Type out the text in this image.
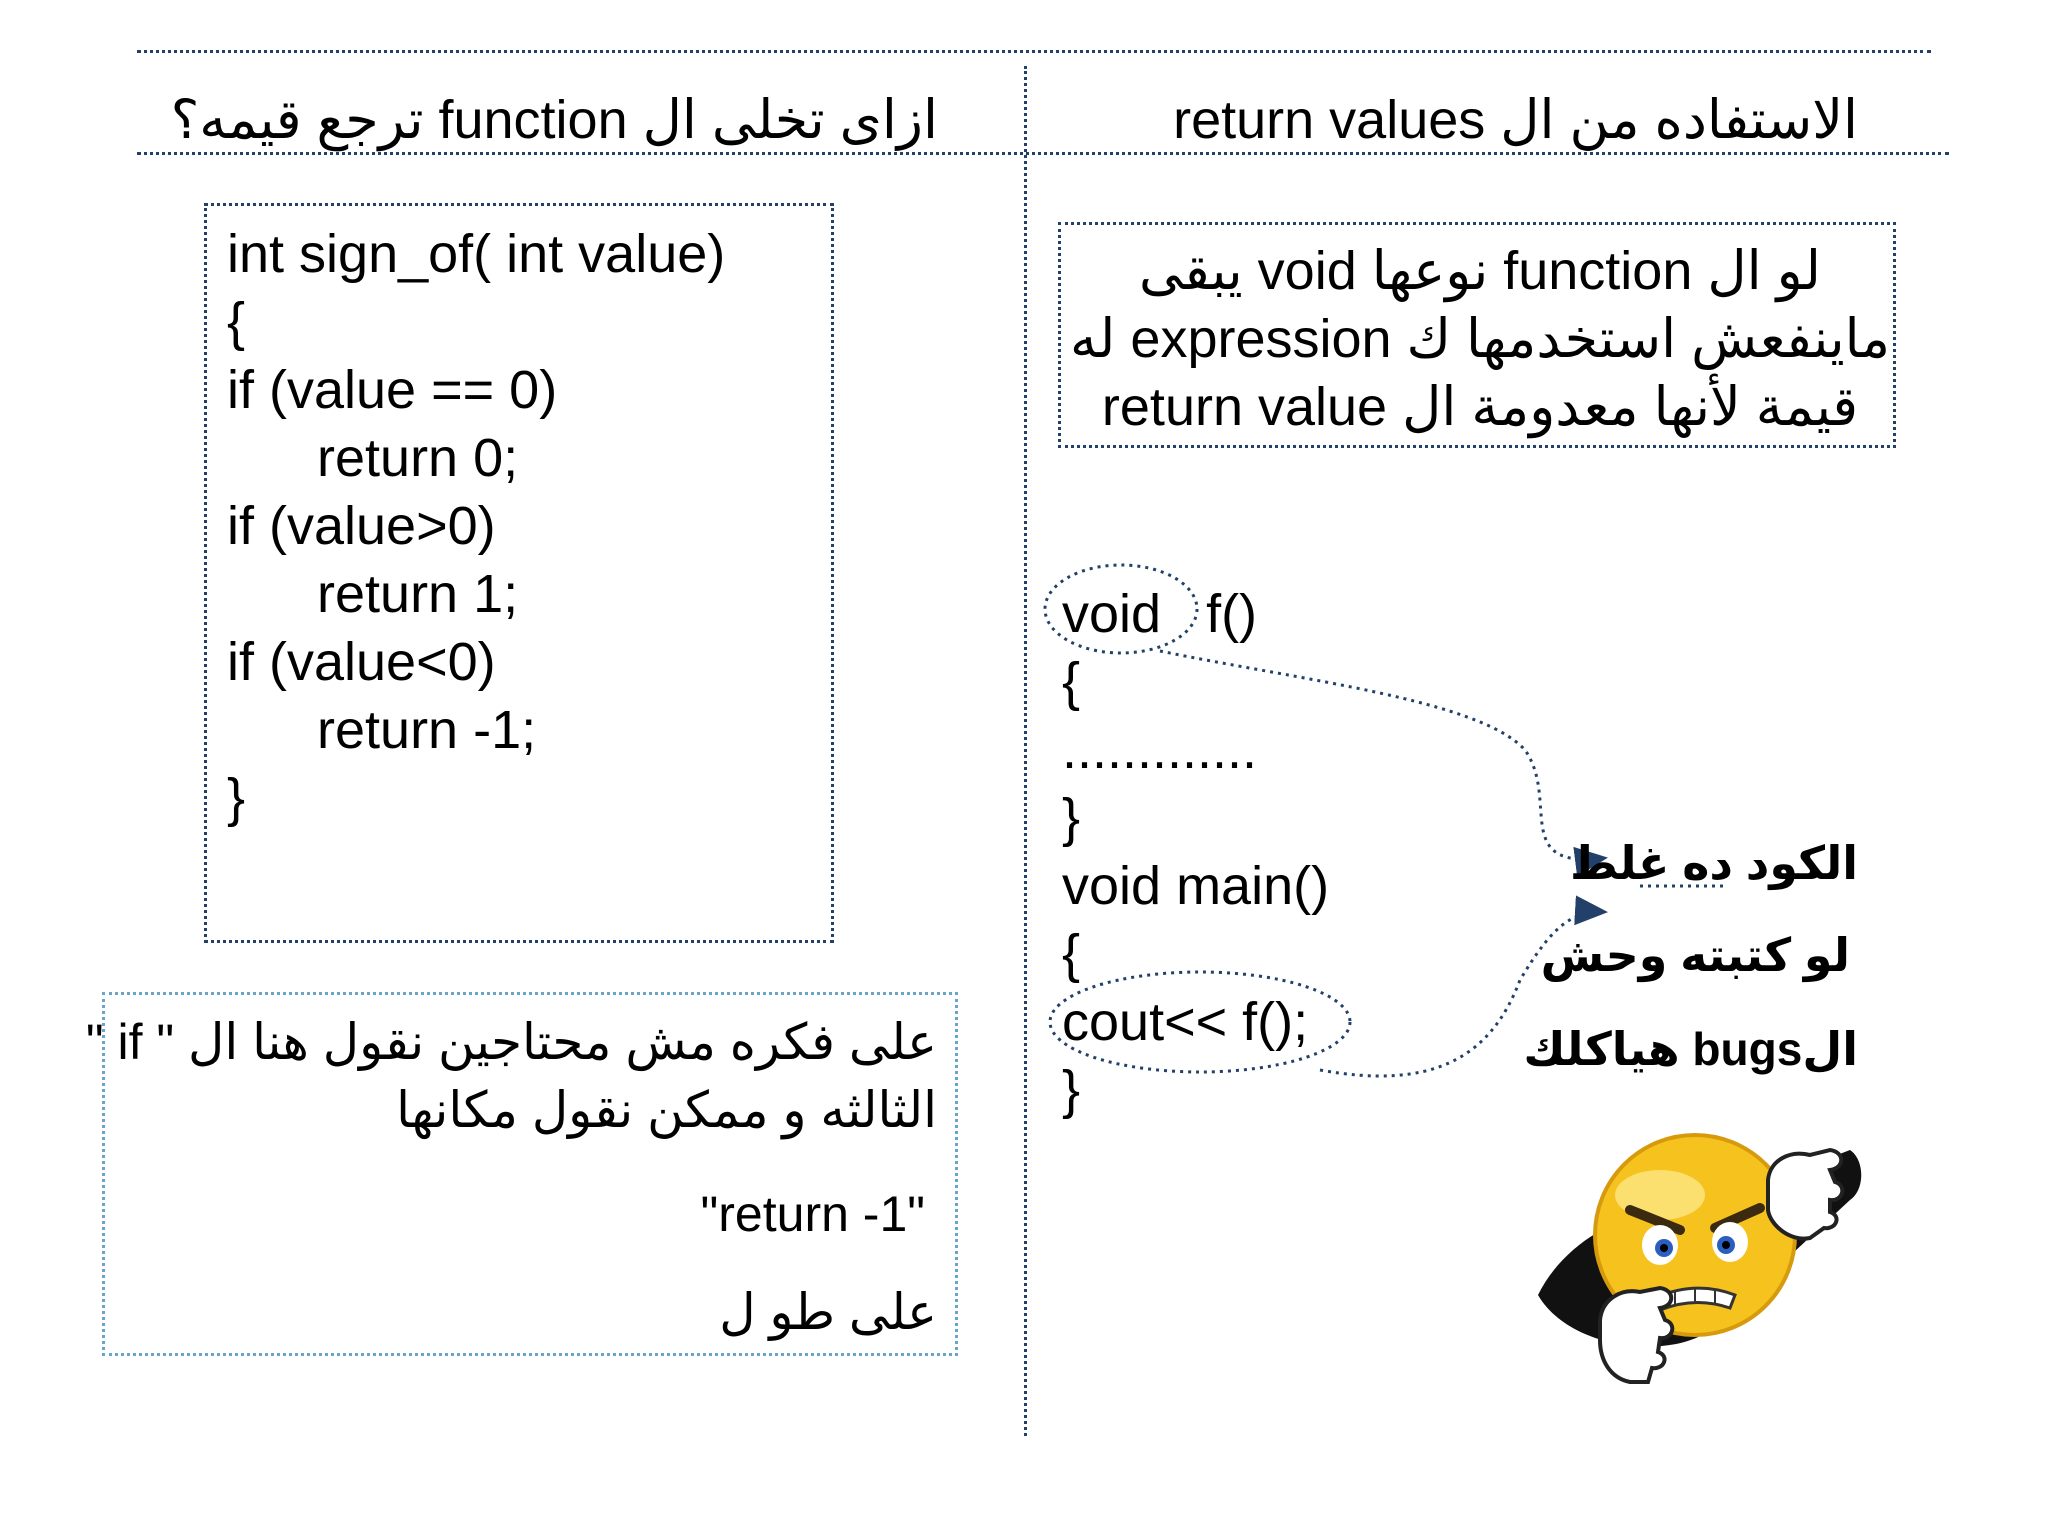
ازاى تخلى ال function ترجع قيمه؟	الاستفاده من ال return values
int sign_of( int value)
{
if (value == 0)
return 0;
if (value>0)
return 1;
if (value<0)
return -1;
}
لو ال function نوعها void يبقى
ماينفعش استخدمها ك expression له
قيمة لأنها معدومة ال return value
void   f()
{
.............
}
void main()
{
cout<< f();
}
الكود ده غلط
لو كتبته وحش
الbugs هياكلك
على فكره مش محتاجين نقول هنا ال " if "
الثالثه و ممكن نقول مكانها
"return -1"
على طو ل
